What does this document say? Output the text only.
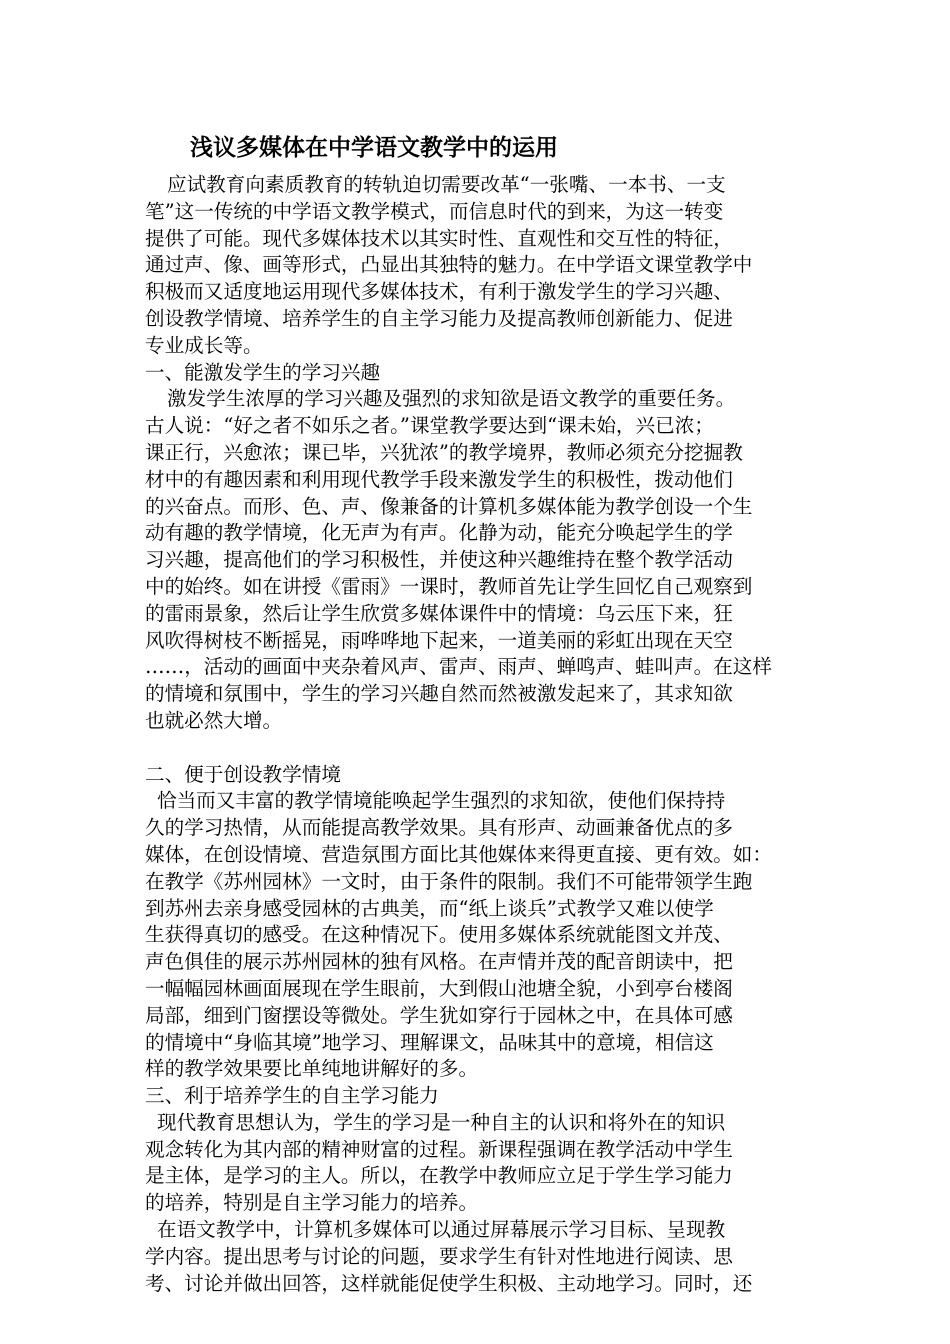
浅议多媒体在中学语文教学中的运用
应试教育向素质教育的转轨迫切需要改革“一张嘴、一本书、一支
笔”这一传统的中学语文教学模式，而信息时代的到来，为这一转变
提供了可能。现代多媒体技术以其实时性、直观性和交互性的特征，
通过声、像、画等形式，凸显出其独特的魅力。在中学语文课堂教学中
积极而又适度地运用现代多媒体技术，有利于激发学生的学习兴趣、
创设教学情境、培养学生的自主学习能力及提高教师创新能力、促进
专业成长等。
一、能激发学生的学习兴趣
激发学生浓厚的学习兴趣及强烈的求知欲是语文教学的重要任务。
古人说：“好之者不如乐之者。”课堂教学要达到“课未始，兴已浓；
课正行，兴愈浓；课已毕，兴犹浓”的教学境界，教师必须充分挖掘教
材中的有趣因素和利用现代教学手段来激发学生的积极性，拨动他们
的兴奋点。而形、色、声、像兼备的计算机多媒体能为教学创设一个生
动有趣的教学情境，化无声为有声。化静为动，能充分唤起学生的学
习兴趣，提高他们的学习积极性，并使这种兴趣维持在整个教学活动
中的始终。如在讲授《雷雨》一课时，教师首先让学生回忆自己观察到
的雷雨景象，然后让学生欣赏多媒体课件中的情境：乌云压下来，狂
风吹得树枝不断摇晃，雨哗哗地下起来，一道美丽的彩虹出现在天空
……，活动的画面中夹杂着风声、雷声、雨声、蝉鸣声、蛙叫声。在这样
的情境和氛围中，学生的学习兴趣自然而然被激发起来了，其求知欲
也就必然大增。
二、便于创设教学情境
恰当而又丰富的教学情境能唤起学生强烈的求知欲，使他们保持持
久的学习热情，从而能提高教学效果。具有形声、动画兼备优点的多
媒体，在创设情境、营造氛围方面比其他媒体来得更直接、更有效。如：
在教学《苏州园林》一文时，由于条件的限制。我们不可能带领学生跑
到苏州去亲身感受园林的古典美，而“纸上谈兵”式教学又难以使学
生获得真切的感受。在这种情况下。使用多媒体系统就能图文并茂、
声色俱佳的展示苏州园林的独有风格。在声情并茂的配音朗读中，把
一幅幅园林画面展现在学生眼前，大到假山池塘全貌，小到亭台楼阁
局部，细到门窗摆设等微处。学生犹如穿行于园林之中，在具体可感
的情境中“身临其境”地学习、理解课文，品味其中的意境，相信这
样的教学效果要比单纯地讲解好的多。
三、利于培养学生的自主学习能力
现代教育思想认为，学生的学习是一种自主的认识和将外在的知识
观念转化为其内部的精神财富的过程。新课程强调在教学活动中学生
是主体，是学习的主人。所以，在教学中教师应立足于学生学习能力
的培养，特别是自主学习能力的培养。
在语文教学中，计算机多媒体可以通过屏幕展示学习目标、呈现教
学内容。提出思考与讨论的问题，要求学生有针对性地进行阅读、思
考、讨论并做出回答，这样就能促使学生积极、主动地学习。同时，还
